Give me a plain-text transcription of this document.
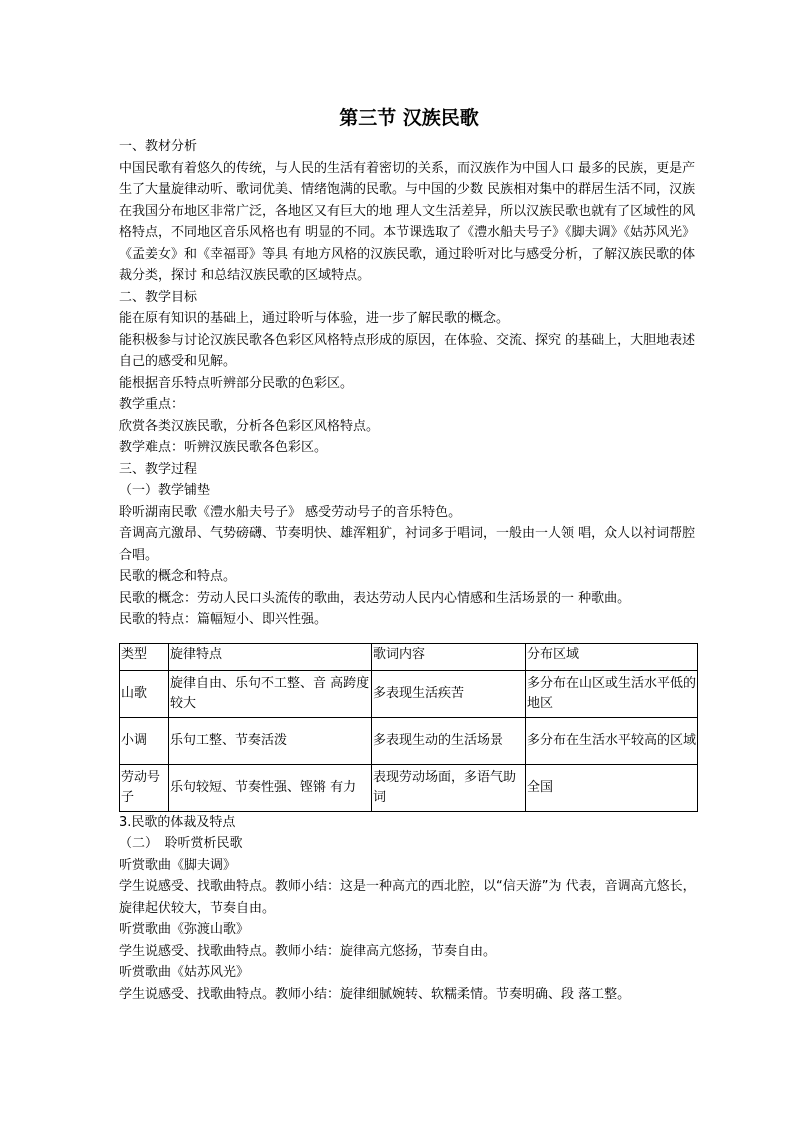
第三节 汉族民歌

一、教材分析

中国民歌有着悠久的传统，与人民的生活有着密切的关系，而汉族作为中国人口 最多的民族，更是产生了大量旋律动听、歌词优美、情绪饱满的民歌。与中国的少数 民族相对集中的群居生活不同，汉族在我国分布地区非常广泛，各地区又有巨大的地 理人文生活差异，所以汉族民歌也就有了区域性的风格特点，不同地区音乐风格也有 明显的不同。本节课选取了《澧水船夫号子》《脚夫调》《姑苏风光》《孟姜女》和《幸福哥》等具 有地方风格的汉族民歌，通过聆听对比与感受分析，了解汉族民歌的体裁分类，探讨 和总结汉族民歌的区域特点。

二、教学目标

能在原有知识的基础上，通过聆听与体验，进一步了解民歌的概念。

能积极参与讨论汉族民歌各色彩区风格特点形成的原因，在体验、交流、探究 的基础上，大胆地表述自己的感受和见解。

能根据音乐特点听辨部分民歌的色彩区。

教学重点：

欣赏各类汉族民歌，分析各色彩区风格特点。

教学难点：听辨汉族民歌各色彩区。

三、教学过程

（一）教学铺垫

聆听湖南民歌《澧水船夫号子》 感受劳动号子的音乐特色。

音调高亢激昂、气势磅礴、节奏明快、雄浑粗犷，衬词多于唱词，一般由一人领 唱，众人以衬词帮腔合唱。

民歌的概念和特点。

民歌的概念：劳动人民口头流传的歌曲，表达劳动人民内心情感和生活场景的一 种歌曲。

民歌的特点：篇幅短小、即兴性强。

类型	旋律特点	歌词内容	分布区域
山歌	旋律自由、乐句不工整、音 高跨度较大	多表现生活疾苦	多分布在山区或生活水平低的地区
小调	乐句工整、节奏活泼	多表现生动的生活场景	多分布在生活水平较高的区域
劳动号子	乐句较短、节奏性强、铿锵 有力	表现劳动场面，多语气助词	全国

3.民歌的体裁及特点

（二）　聆听赏析民歌

听赏歌曲《脚夫调》

学生说感受、找歌曲特点。教师小结：这是一种高亢的西北腔，以“信天游”为 代表，音调高亢悠长，旋律起伏较大，节奏自由。

听赏歌曲《弥渡山歌》

学生说感受、找歌曲特点。教师小结：旋律高亢悠扬，节奏自由。

听赏歌曲《姑苏风光》

学生说感受、找歌曲特点。教师小结：旋律细腻婉转、软糯柔情。节奏明确、段 落工整。
